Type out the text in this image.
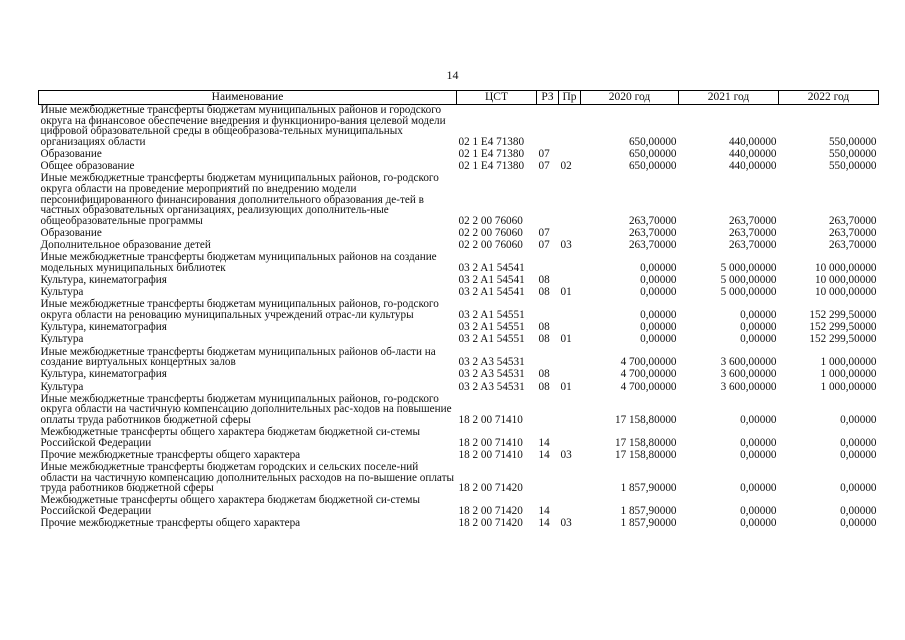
14
Наименование	ЦСТ	РЗ	Пр	2020 год	2021 год	2022 год
Иные межбюджетные трансферты бюджетам муниципальных районов и городского округа на финансовое обеспечение внедрения и функциониро-вания целевой модели цифровой образовательной среды в общеобразова-тельных муниципальных организациях области	02 1 E4 71380			650,00000	440,00000	550,00000
Образование	02 1 E4 71380	07		650,00000	440,00000	550,00000
Общее образование	02 1 E4 71380	07	02	650,00000	440,00000	550,00000
Иные межбюджетные трансферты бюджетам муниципальных районов, го-родского округа области на проведение мероприятий по внедрению модели персонифицированного финансирования дополнительного образования де-тей в частных образовательных организациях, реализующих дополнитель-ные общеобразовательные программы	02 2 00 76060			263,70000	263,70000	263,70000
Образование	02 2 00 76060	07		263,70000	263,70000	263,70000
Дополнительное образование детей	02 2 00 76060	07	03	263,70000	263,70000	263,70000
Иные межбюджетные трансферты бюджетам муниципальных районов на создание модельных муниципальных библиотек	03 2 A1 54541			0,00000	5 000,00000	10 000,00000
Культура, кинематография	03 2 A1 54541	08		0,00000	5 000,00000	10 000,00000
Культура	03 2 A1 54541	08	01	0,00000	5 000,00000	10 000,00000
Иные межбюджетные трансферты бюджетам муниципальных районов, го-родского округа области на реновацию муниципальных учреждений отрас-ли культуры	03 2 A1 54551			0,00000	0,00000	152 299,50000
Культура, кинематография	03 2 A1 54551	08		0,00000	0,00000	152 299,50000
Культура	03 2 A1 54551	08	01	0,00000	0,00000	152 299,50000
Иные межбюджетные трансферты бюджетам муниципальных районов об-ласти на создание виртуальных концертных залов	03 2 A3 54531			4 700,00000	3 600,00000	1 000,00000
Культура, кинематография	03 2 A3 54531	08		4 700,00000	3 600,00000	1 000,00000
Культура	03 2 A3 54531	08	01	4 700,00000	3 600,00000	1 000,00000
Иные межбюджетные трансферты бюджетам муниципальных районов, го-родского округа области на частичную компенсацию дополнительных рас-ходов на повышение оплаты труда работников бюджетной сферы	18 2 00 71410			17 158,80000	0,00000	0,00000
Межбюджетные трансферты общего характера бюджетам бюджетной си-стемы Российской Федерации	18 2 00 71410	14		17 158,80000	0,00000	0,00000
Прочие межбюджетные трансферты общего характера	18 2 00 71410	14	03	17 158,80000	0,00000	0,00000
Иные межбюджетные трансферты бюджетам городских и сельских поселе-ний области на частичную компенсацию дополнительных расходов на по-вышение оплаты труда работников бюджетной сферы	18 2 00 71420			1 857,90000	0,00000	0,00000
Межбюджетные трансферты общего характера бюджетам бюджетной си-стемы Российской Федерации	18 2 00 71420	14		1 857,90000	0,00000	0,00000
Прочие межбюджетные трансферты общего характера	18 2 00 71420	14	03	1 857,90000	0,00000	0,00000
